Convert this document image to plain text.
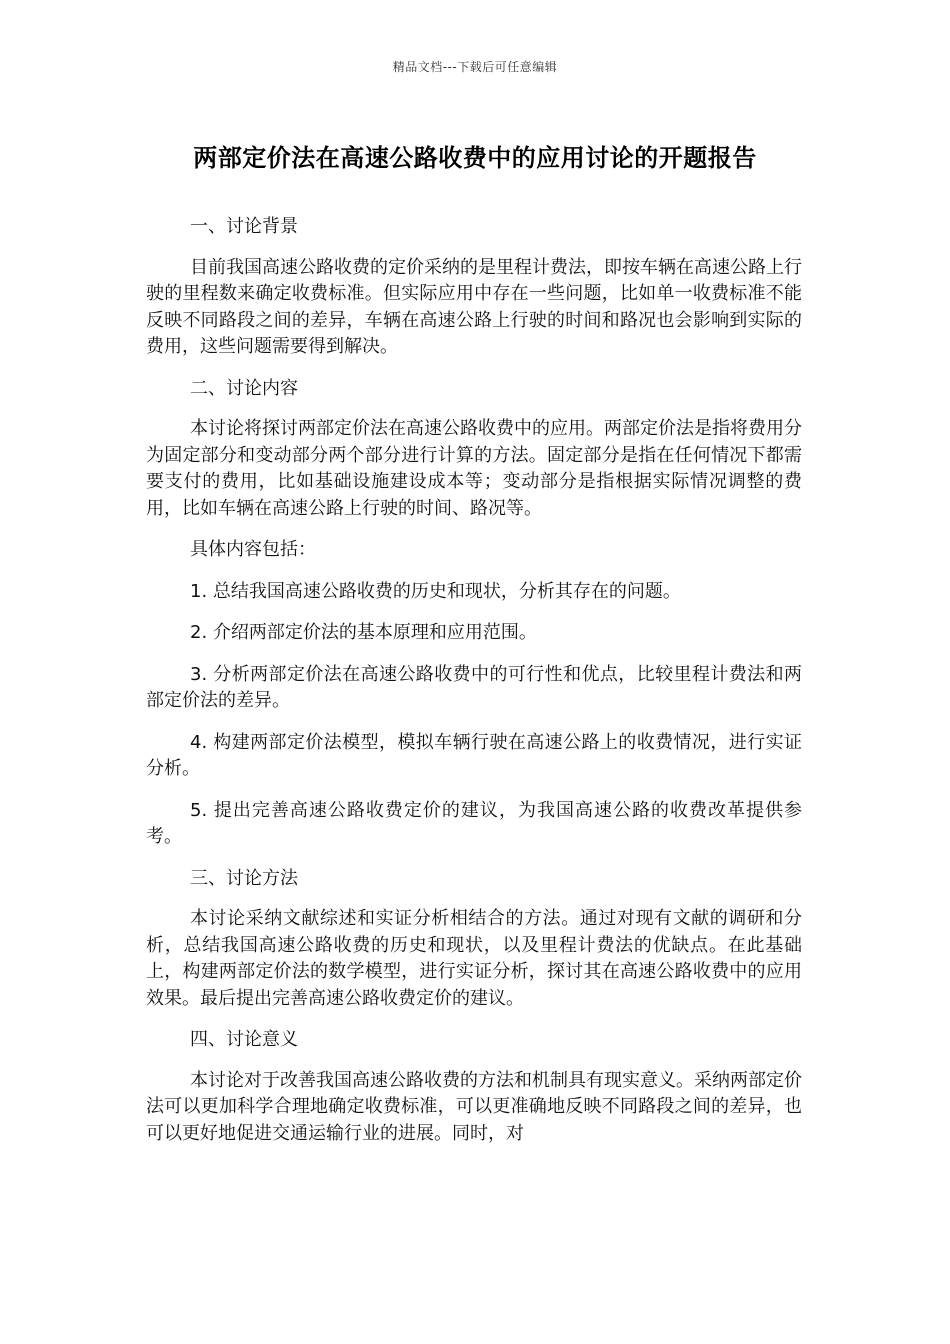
精品文档---下载后可任意编辑
两部定价法在高速公路收费中的应用讨论的开题报告

一、讨论背景

目前我国高速公路收费的定价采纳的是里程计费法，即按车辆在高速公路上行驶的里程数来确定收费标准。但实际应用中存在一些问题，比如单一收费标准不能反映不同路段之间的差异，车辆在高速公路上行驶的时间和路况也会影响到实际的费用，这些问题需要得到解决。

二、讨论内容

本讨论将探讨两部定价法在高速公路收费中的应用。两部定价法是指将费用分为固定部分和变动部分两个部分进行计算的方法。固定部分是指在任何情况下都需要支付的费用，比如基础设施建设成本等；变动部分是指根据实际情况调整的费用，比如车辆在高速公路上行驶的时间、路况等。

具体内容包括：

1. 总结我国高速公路收费的历史和现状，分析其存在的问题。

2. 介绍两部定价法的基本原理和应用范围。

3. 分析两部定价法在高速公路收费中的可行性和优点，比较里程计费法和两部定价法的差异。

4. 构建两部定价法模型，模拟车辆行驶在高速公路上的收费情况，进行实证分析。

5. 提出完善高速公路收费定价的建议，为我国高速公路的收费改革提供参考。

三、讨论方法

本讨论采纳文献综述和实证分析相结合的方法。通过对现有文献的调研和分析，总结我国高速公路收费的历史和现状，以及里程计费法的优缺点。在此基础上，构建两部定价法的数学模型，进行实证分析，探讨其在高速公路收费中的应用效果。最后提出完善高速公路收费定价的建议。

四、讨论意义

本讨论对于改善我国高速公路收费的方法和机制具有现实意义。采纳两部定价法可以更加科学合理地确定收费标准，可以更准确地反映不同路段之间的差异，也可以更好地促进交通运输行业的进展。同时，对
